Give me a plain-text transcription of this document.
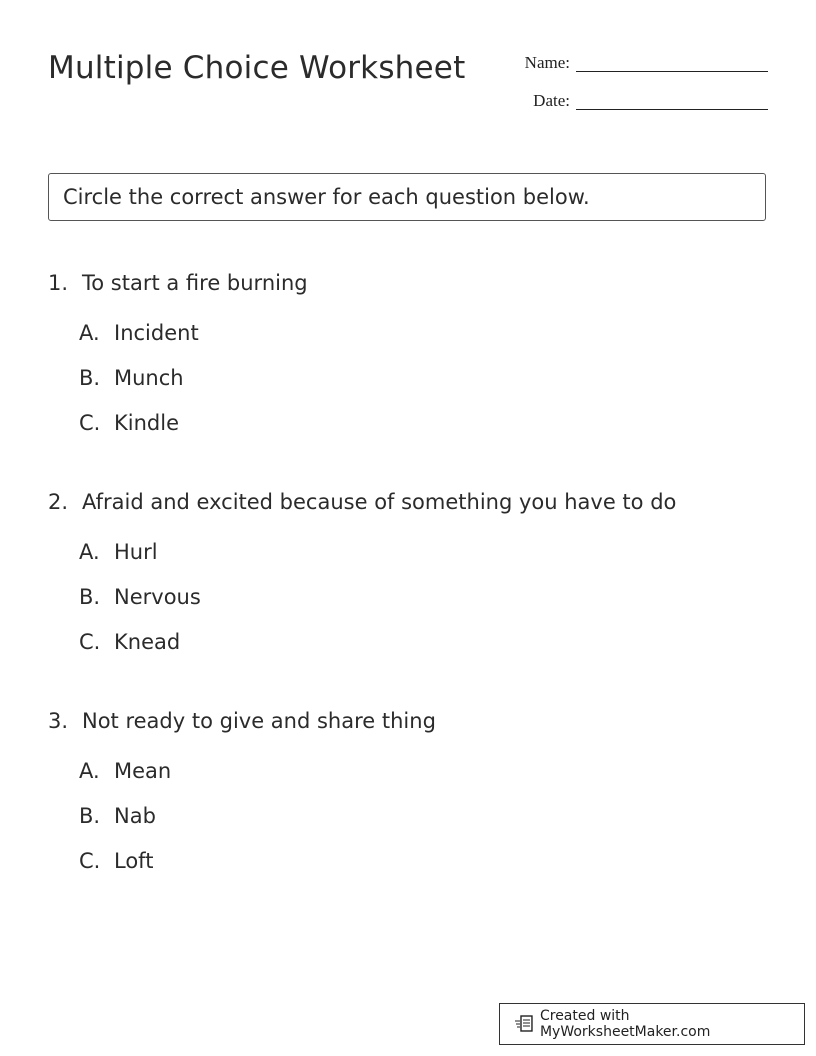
Multiple Choice Worksheet	Name:
Date:
Circle the correct answer for each question below.
1. To start a fire burning
A. Incident
B. Munch
C. Kindle
2. Afraid and excited because of something you have to do
A. Hurl
B. Nervous
C. Knead
3. Not ready to give and share thing
A. Mean
B. Nab
C. Loft
Created with MyWorksheetMaker.com
